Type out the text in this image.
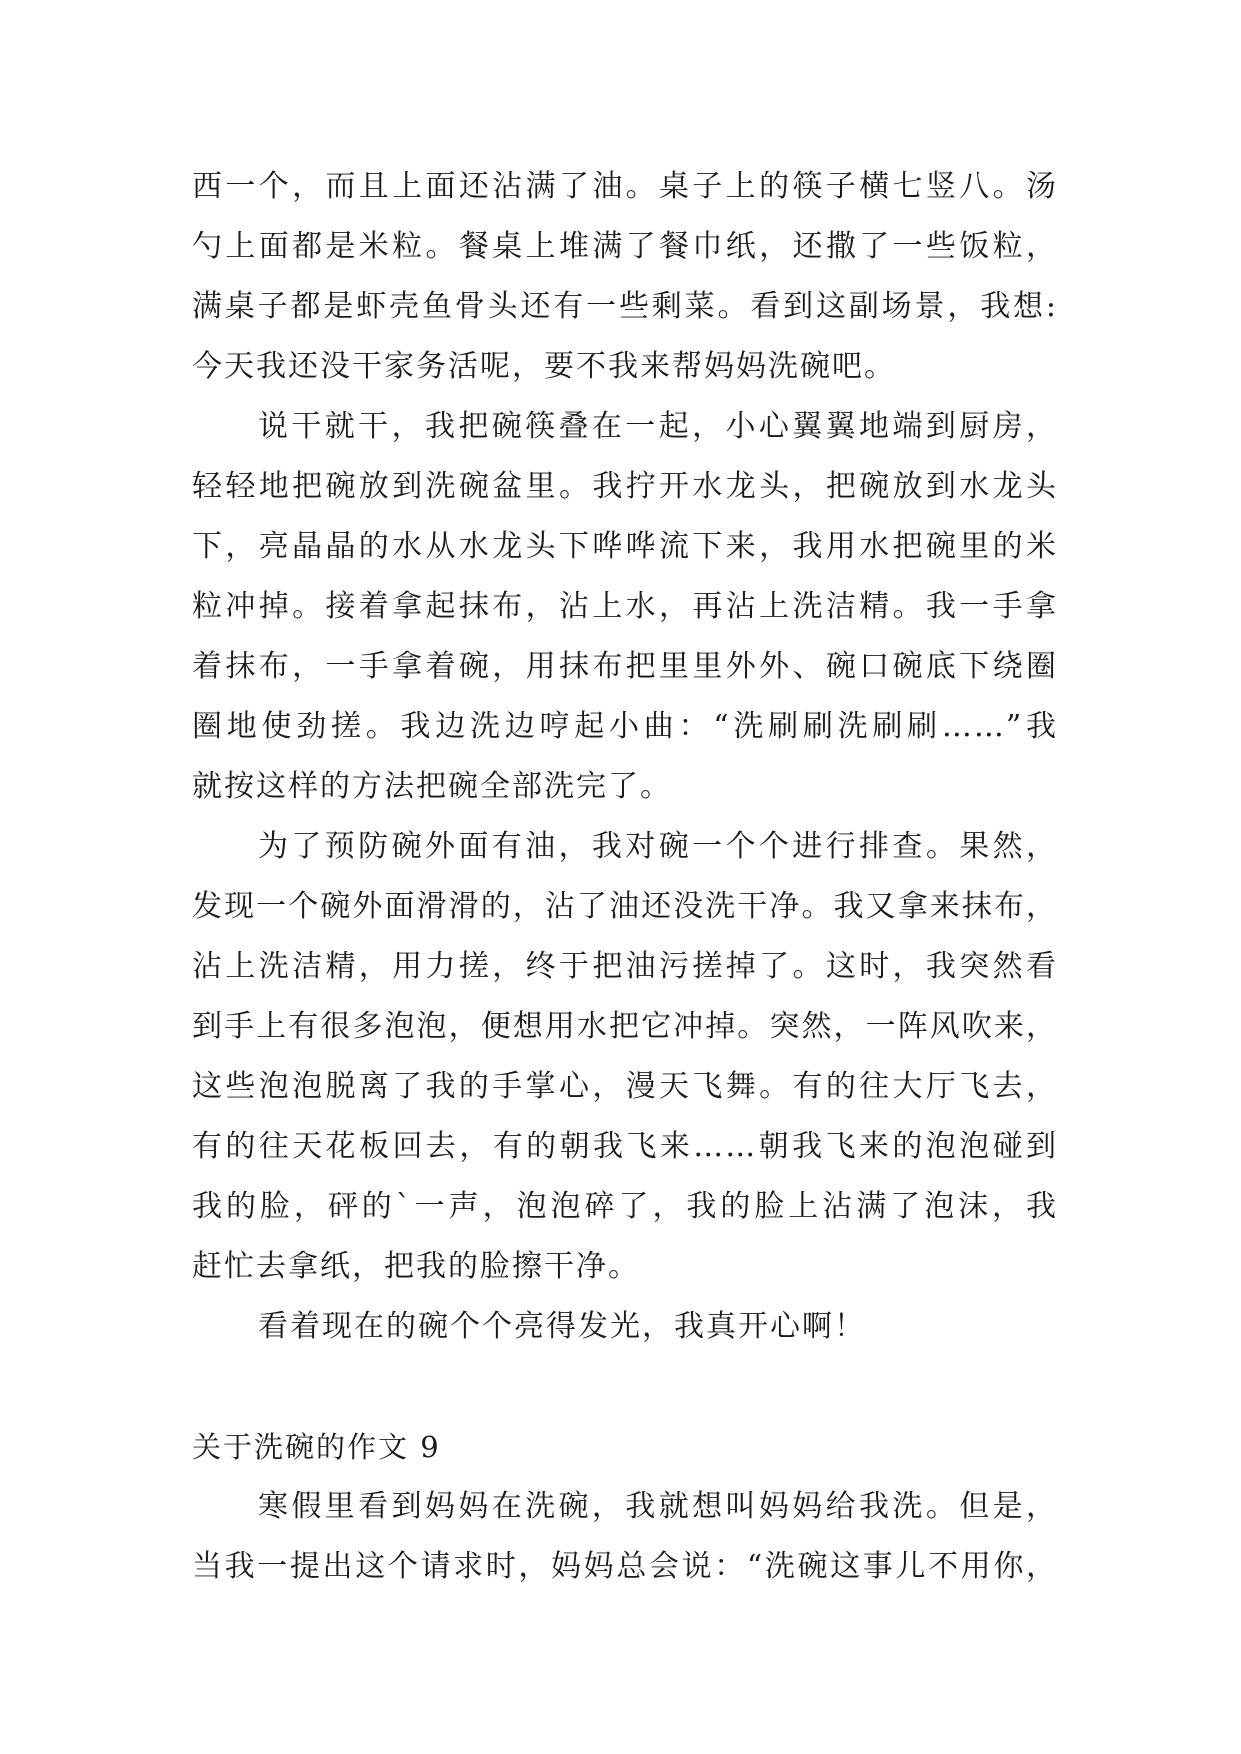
西一个，而且上面还沾满了油。桌子上的筷子横七竖八。汤
勺上面都是米粒。餐桌上堆满了餐巾纸，还撒了一些饭粒，
满桌子都是虾壳鱼骨头还有一些剩菜。看到这副场景，我想:
今天我还没干家务活呢，要不我来帮妈妈洗碗吧。
说干就干，我把碗筷叠在一起，小心翼翼地端到厨房，
轻轻地把碗放到洗碗盆里。我拧开水龙头，把碗放到水龙头
下，亮晶晶的水从水龙头下哗哗流下来，我用水把碗里的米
粒冲掉。接着拿起抹布，沾上水，再沾上洗洁精。我一手拿
着抹布，一手拿着碗，用抹布把里里外外、碗口碗底下绕圈
圈地使劲搓。我边洗边哼起小曲：“洗刷刷洗刷刷……”我
就按这样的方法把碗全部洗完了。
为了预防碗外面有油，我对碗一个个进行排查。果然，
发现一个碗外面滑滑的，沾了油还没洗干净。我又拿来抹布，
沾上洗洁精，用力搓，终于把油污搓掉了。这时，我突然看
到手上有很多泡泡，便想用水把它冲掉。突然，一阵风吹来，
这些泡泡脱离了我的手掌心，漫天飞舞。有的往大厅飞去，
有的往天花板回去，有的朝我飞来……朝我飞来的泡泡碰到
我的脸，砰的`一声，泡泡碎了，我的脸上沾满了泡沫，我
赶忙去拿纸，把我的脸擦干净。
看着现在的碗个个亮得发光，我真开心啊！
关于洗碗的作文 9
寒假里看到妈妈在洗碗，我就想叫妈妈给我洗。但是，
当我一提出这个请求时，妈妈总会说：“洗碗这事儿不用你，
